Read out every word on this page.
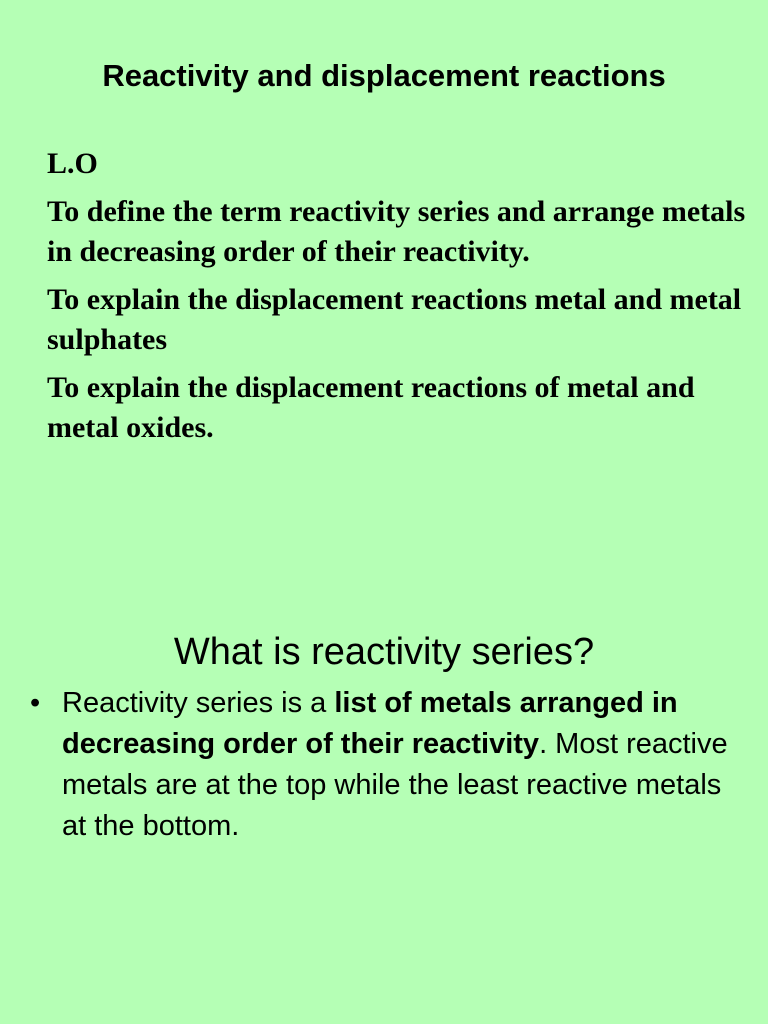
Reactivity and displacement reactions

L.O

To define the term reactivity series and arrange metals in decreasing order of their reactivity.

To explain the displacement reactions metal and metal sulphates

To explain the displacement reactions of metal and metal oxides.

What is reactivity series?
• Reactivity series is a list of metals arranged in decreasing order of their reactivity. Most reactive metals are at the top while the least reactive metals at the bottom.
